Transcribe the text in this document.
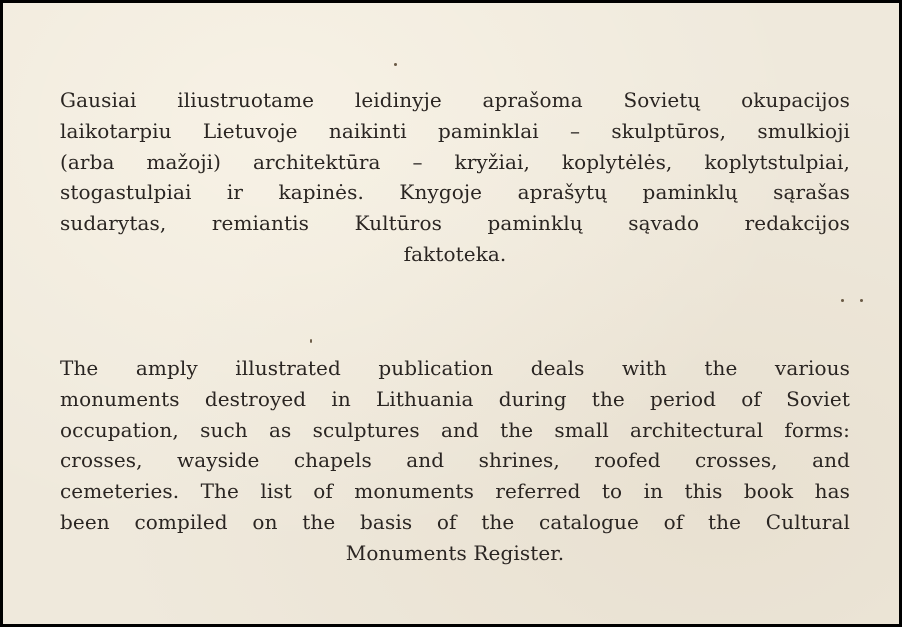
Gausiai iliustruotame leidinyje aprašoma Sovietų okupacijos
laikotarpiu Lietuvoje naikinti paminklai – skulptūros, smulkioji
(arba mažoji) architektūra – kryžiai, koplytėlės, koplytstulpiai,
stogastulpiai ir kapinės. Knygoje aprašytų paminklų sąrašas
sudarytas, remiantis Kultūros paminklų sąvado redakcijos
faktoteka.
The amply illustrated publication deals with the various
monuments destroyed in Lithuania during the period of Soviet
occupation, such as sculptures and the small architectural forms:
crosses, wayside chapels and shrines, roofed crosses, and
cemeteries. The list of monuments referred to in this book has
been compiled on the basis of the catalogue of the Cultural
Monuments Register.
